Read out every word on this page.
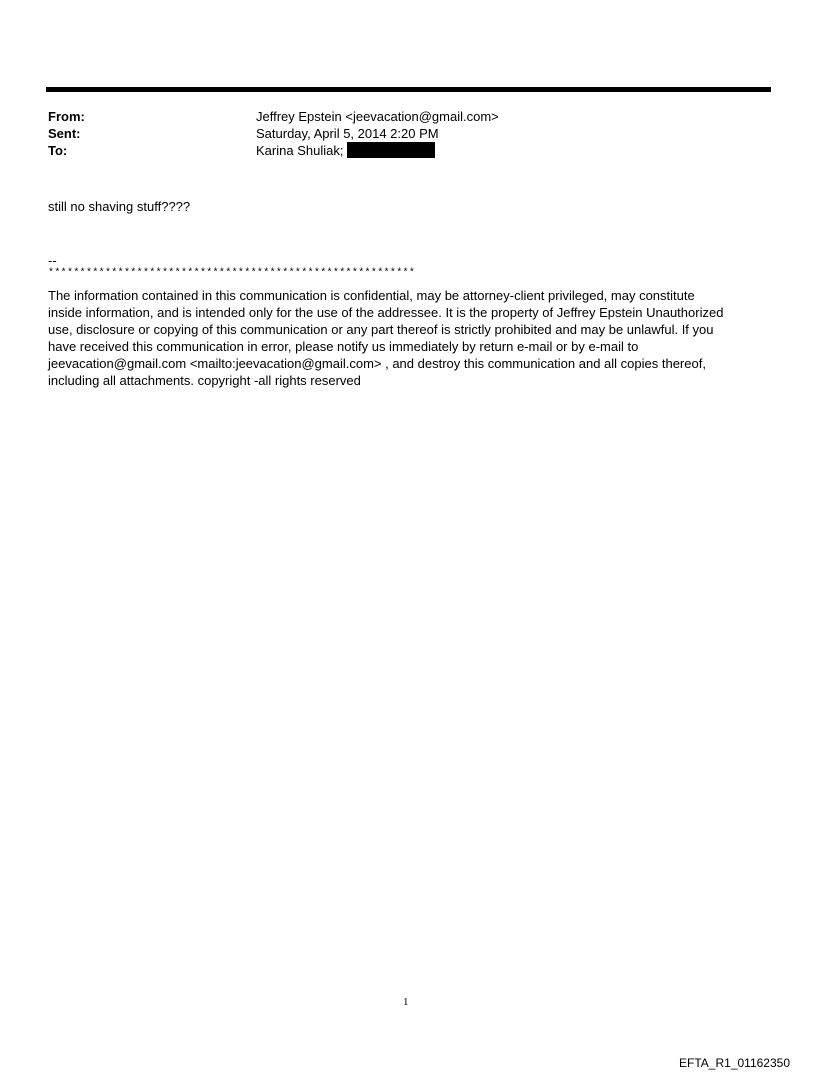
From:	Jeffrey Epstein <jeevacation@gmail.com>
Sent:	Saturday, April 5, 2014 2:20 PM
To:	Karina Shuliak;
still no shaving stuff????
--
**********************************************************
The information contained in this communication is confidential, may be attorney-client privileged, may constitute
inside information, and is intended only for the use of the addressee. It is the property of Jeffrey Epstein Unauthorized
use, disclosure or copying of this communication or any part thereof is strictly prohibited and may be unlawful. If you
have received this communication in error, please notify us immediately by return e-mail or by e-mail to
jeevacation@gmail.com <mailto:jeevacation@gmail.com> , and destroy this communication and all copies thereof,
including all attachments. copyright -all rights reserved
1
EFTA_R1_01162350
